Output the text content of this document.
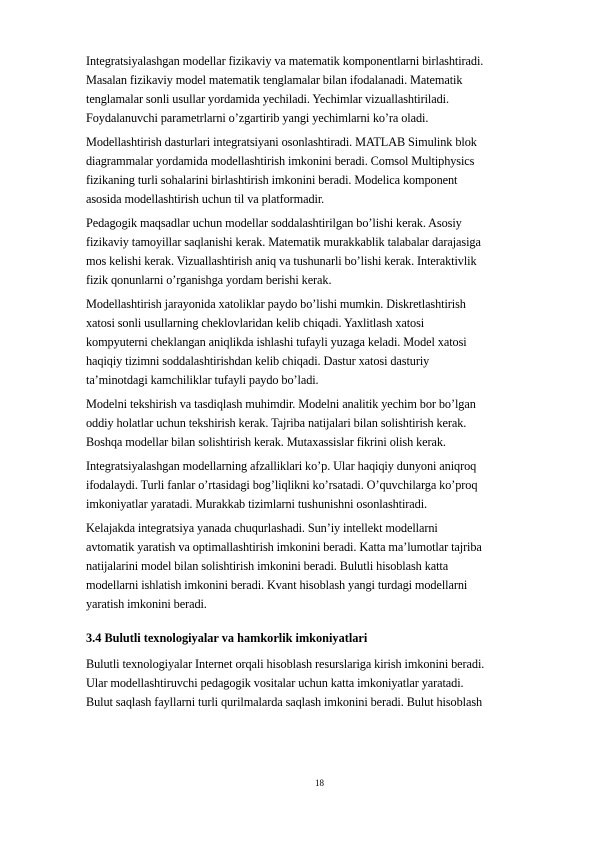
Integratsiyalashgan modellar fizikaviy va matematik komponentlarni birlashtiradi.
Masalan fizikaviy model matematik tenglamalar bilan ifodalanadi. Matematik
tenglamalar sonli usullar yordamida yechiladi. Yechimlar vizuallashtiriladi.
Foydalanuvchi parametrlarni o’zgartirib yangi yechimlarni ko’ra oladi.
Modellashtirish dasturlari integratsiyani osonlashtiradi. MATLAB Simulink blok
diagrammalar yordamida modellashtirish imkonini beradi. Comsol Multiphysics
fizikaning turli sohalarini birlashtirish imkonini beradi. Modelica komponent
asosida modellashtirish uchun til va platformadir.
Pedagogik maqsadlar uchun modellar soddalashtirilgan bo’lishi kerak. Asosiy
fizikaviy tamoyillar saqlanishi kerak. Matematik murakkablik talabalar darajasiga
mos kelishi kerak. Vizuallashtirish aniq va tushunarli bo’lishi kerak. Interaktivlik
fizik qonunlarni o’rganishga yordam berishi kerak.
Modellashtirish jarayonida xatoliklar paydo bo’lishi mumkin. Diskretlashtirish
xatosi sonli usullarning cheklovlaridan kelib chiqadi. Yaxlitlash xatosi
kompyuterni cheklangan aniqlikda ishlashi tufayli yuzaga keladi. Model xatosi
haqiqiy tizimni soddalashtirishdan kelib chiqadi. Dastur xatosi dasturiy
ta’minotdagi kamchiliklar tufayli paydo bo’ladi.
Modelni tekshirish va tasdiqlash muhimdir. Modelni analitik yechim bor bo’lgan
oddiy holatlar uchun tekshirish kerak. Tajriba natijalari bilan solishtirish kerak.
Boshqa modellar bilan solishtirish kerak. Mutaxassislar fikrini olish kerak.
Integratsiyalashgan modellarning afzalliklari ko’p. Ular haqiqiy dunyoni aniqroq
ifodalaydi. Turli fanlar o’rtasidagi bog’liqlikni ko’rsatadi. O’quvchilarga ko’proq
imkoniyatlar yaratadi. Murakkab tizimlarni tushunishni osonlashtiradi.
Kelajakda integratsiya yanada chuqurlashadi. Sun’iy intellekt modellarni
avtomatik yaratish va optimallashtirish imkonini beradi. Katta ma’lumotlar tajriba
natijalarini model bilan solishtirish imkonini beradi. Bulutli hisoblash katta
modellarni ishlatish imkonini beradi. Kvant hisoblash yangi turdagi modellarni
yaratish imkonini beradi.
3.4 Bulutli texnologiyalar va hamkorlik imkoniyatlari
Bulutli texnologiyalar Internet orqali hisoblash resurslariga kirish imkonini beradi.
Ular modellashtiruvchi pedagogik vositalar uchun katta imkoniyatlar yaratadi.
Bulut saqlash fayllarni turli qurilmalarda saqlash imkonini beradi. Bulut hisoblash
18
